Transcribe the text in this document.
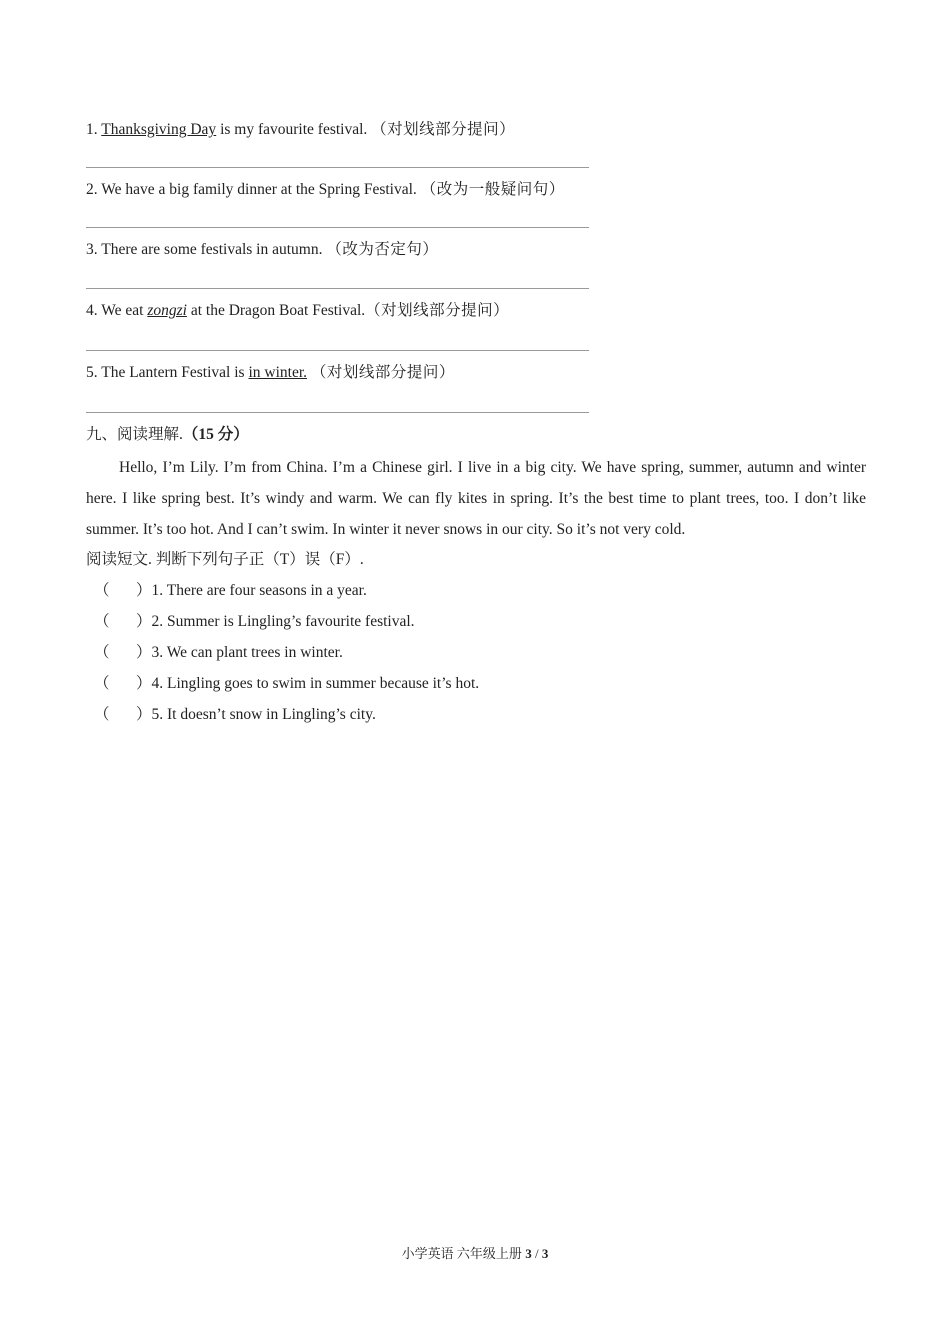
1. Thanksgiving Day is my favourite festival. （对划线部分提问）
2. We have a big family dinner at the Spring Festival. （改为一般疑问句）
3. There are some festivals in autumn. （改为否定句）
4. We eat zongzi at the Dragon Boat Festival.（对划线部分提问）
5. The Lantern Festival is in winter. （对划线部分提问）
九、阅读理解.（15 分）
Hello, I’m Lily. I’m from China. I’m a Chinese girl. I live in a big city. We have spring, summer, autumn and winter here. I like spring best. It’s windy and warm. We can fly kites in spring. It’s the best time to plant trees, too. I don’t like summer. It’s too hot. And I can’t swim. In winter it never snows in our city. So it’s not very cold.
阅读短文. 判断下列句子正（T）误（F）.
（ ）1. There are four seasons in a year.
（ ）2. Summer is Lingling’s favourite festival.
（ ）3. We can plant trees in winter.
（ ）4. Lingling goes to swim in summer because it’s hot.
（ ）5. It doesn’t snow in Lingling’s city.
小学英语 六年级上册 3 / 3
